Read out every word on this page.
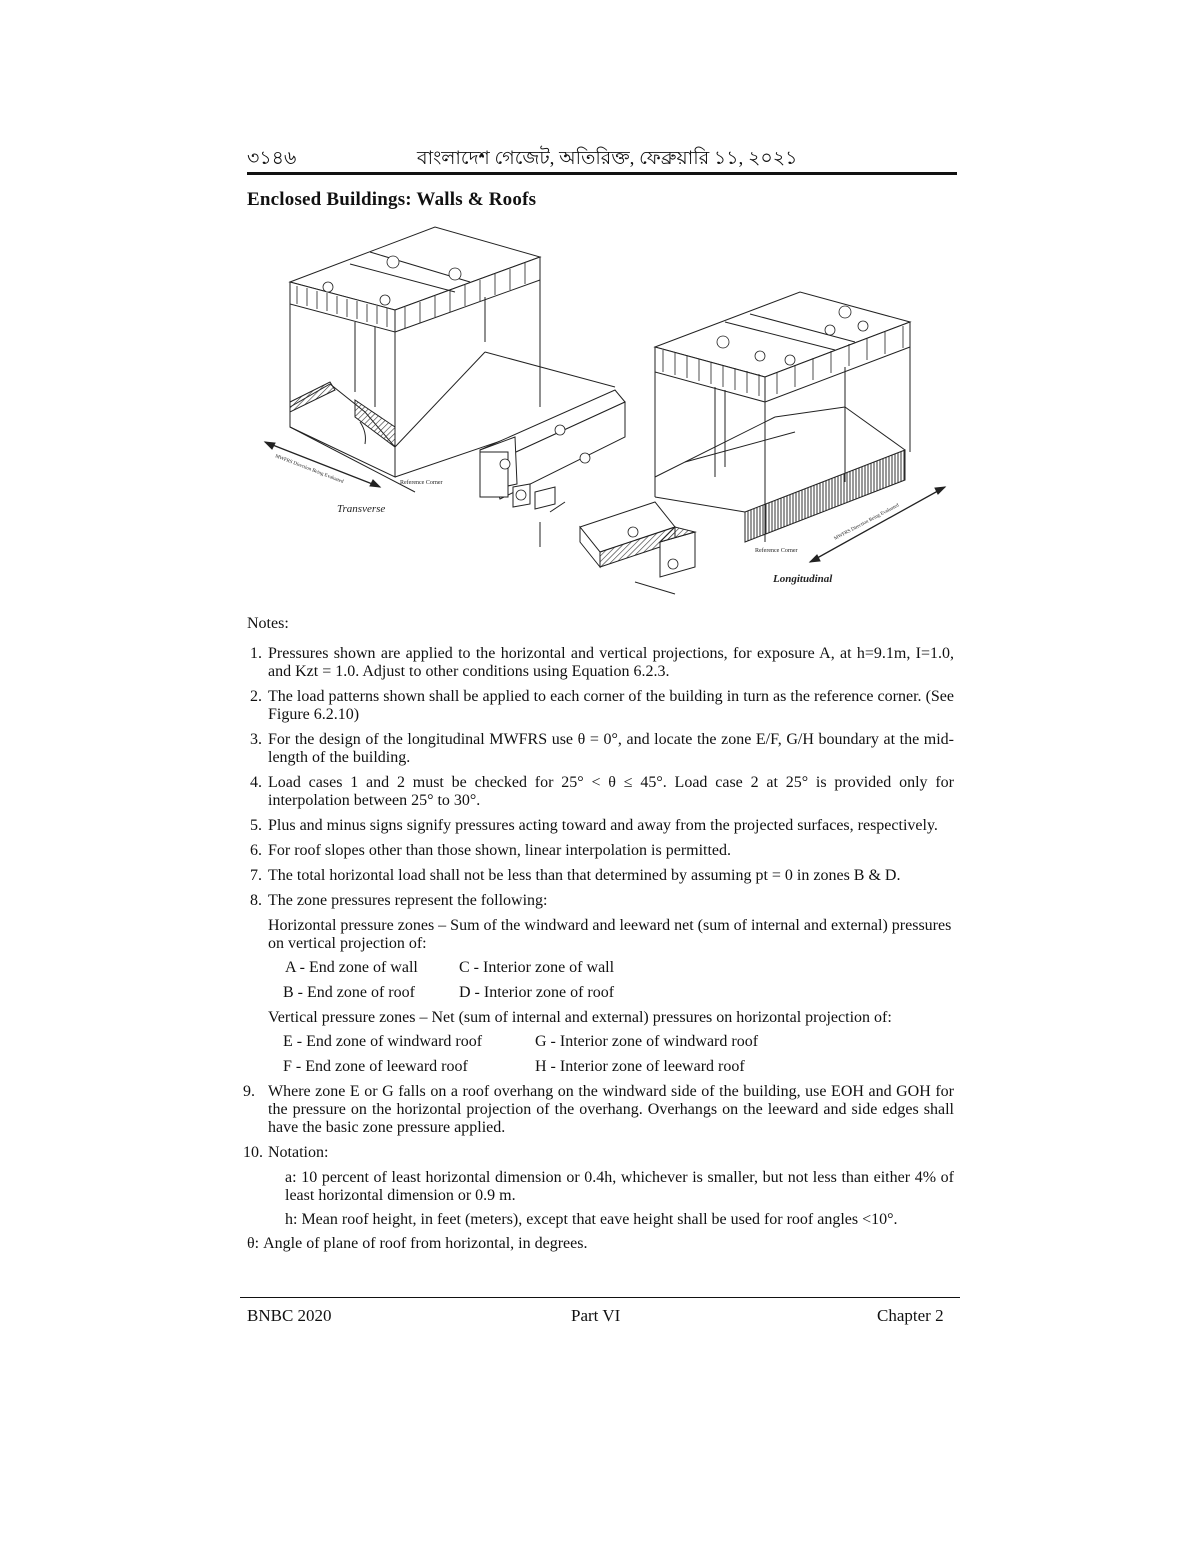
৩১৪৬	বাংলাদেশ গেজেট, অতিরিক্ত, ফেব্রুয়ারি ১১, ২০২১
Enclosed Buildings: Walls & Roofs
Transverse
Reference Corner
MWFRS Direction Being Evaluated
Longitudinal
Reference Corner
MWFRS Direction Being Evaluated

Notes:

1. Pressures shown are applied to the horizontal and vertical projections, for exposure A, at h=9.1m, I=1.0, and Kzt = 1.0. Adjust to other conditions using Equation 6.2.3.

2. The load patterns shown shall be applied to each corner of the building in turn as the reference corner. (See Figure 6.2.10)

3. For the design of the longitudinal MWFRS use θ = 0°, and locate the zone E/F, G/H boundary at the mid-length of the building.

4. Load cases 1 and 2 must be checked for 25° < θ ≤ 45°. Load case 2 at 25° is provided only for interpolation between 25° to 30°.

5. Plus and minus signs signify pressures acting toward and away from the projected surfaces, respectively.

6. For roof slopes other than those shown, linear interpolation is permitted.

7. The total horizontal load shall not be less than that determined by assuming pt = 0 in zones B & D.

8. The zone pressures represent the following:

Horizontal pressure zones – Sum of the windward and leeward net (sum of internal and external) pressures on vertical projection of:

A - End zone of wall	C - Interior zone of wall
B - End zone of roof	D - Interior zone of roof

Vertical pressure zones – Net (sum of internal and external) pressures on horizontal projection of:

E - End zone of windward roof	G - Interior zone of windward roof
F - End zone of leeward roof	H - Interior zone of leeward roof

9. Where zone E or G falls on a roof overhang on the windward side of the building, use EOH and GOH for the pressure on the horizontal projection of the overhang. Overhangs on the leeward and side edges shall have the basic zone pressure applied.

10. Notation:

a: 10 percent of least horizontal dimension or 0.4h, whichever is smaller, but not less than either 4% of least horizontal dimension or 0.9 m.

h: Mean roof height, in feet (meters), except that eave height shall be used for roof angles <10°.

θ: Angle of plane of roof from horizontal, in degrees.

BNBC 2020	Part VI	Chapter 2
